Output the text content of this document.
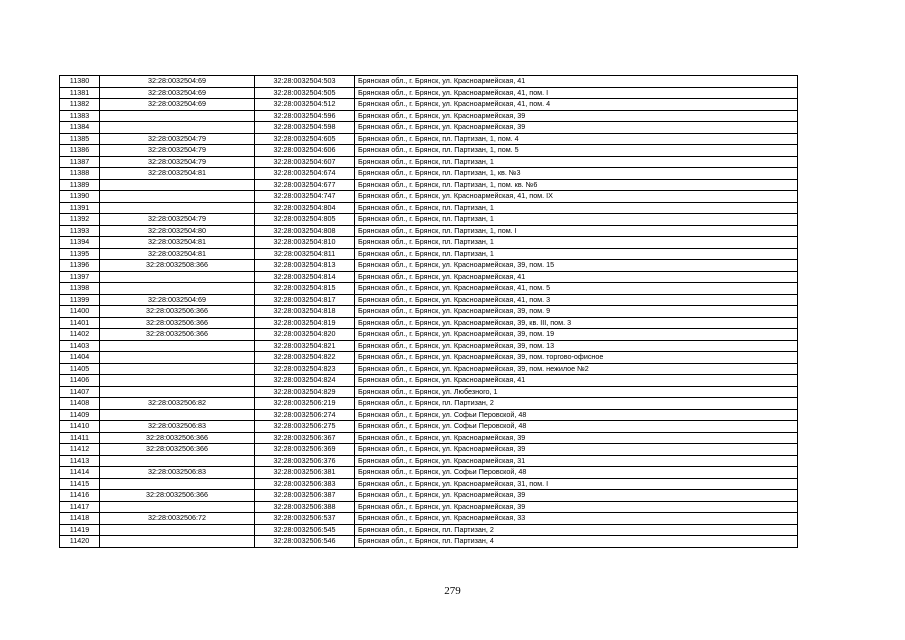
11380	32:28:0032504:69	32:28:0032504:503	Брянская обл., г. Брянск, ул. Красноармейская, 41
11381	32:28:0032504:69	32:28:0032504:505	Брянская обл., г. Брянск, ул. Красноармейская, 41, пом. I
11382	32:28:0032504:69	32:28:0032504:512	Брянская обл., г. Брянск, ул. Красноармейская, 41, пом. 4
11383		32:28:0032504:596	Брянская обл., г. Брянск, ул. Красноармейская, 39
11384		32:28:0032504:598	Брянская обл., г. Брянск, ул. Красноармейская, 39
11385	32:28:0032504:79	32:28:0032504:605	Брянская обл., г. Брянск, пл. Партизан, 1, пом. 4
11386	32:28:0032504:79	32:28:0032504:606	Брянская обл., г. Брянск, пл. Партизан, 1, пом. 5
11387	32:28:0032504:79	32:28:0032504:607	Брянская обл., г. Брянск, пл. Партизан, 1
11388	32:28:0032504:81	32:28:0032504:674	Брянская обл., г. Брянск, пл. Партизан, 1, кв. №3
11389		32:28:0032504:677	Брянская обл., г. Брянск, пл. Партизан, 1, пом. кв. №6
11390		32:28:0032504:747	Брянская обл., г. Брянск, ул. Красноармейская, 41, пом. IX
11391		32:28:0032504:804	Брянская обл., г. Брянск, пл. Партизан, 1
11392	32:28:0032504:79	32:28:0032504:805	Брянская обл., г. Брянск, пл. Партизан, 1
11393	32:28:0032504:80	32:28:0032504:808	Брянская обл., г. Брянск, пл. Партизан, 1, пом. I
11394	32:28:0032504:81	32:28:0032504:810	Брянская обл., г. Брянск, пл. Партизан, 1
11395	32:28:0032504:81	32:28:0032504:811	Брянская обл., г. Брянск, пл. Партизан, 1
11396	32:28:0032508:366	32:28:0032504:813	Брянская обл., г. Брянск, ул. Красноармейская, 39, пом. 15
11397		32:28:0032504:814	Брянская обл., г. Брянск, ул. Красноармейская, 41
11398		32:28:0032504:815	Брянская обл., г. Брянск, ул. Красноармейская, 41, пом. 5
11399	32:28:0032504:69	32:28:0032504:817	Брянская обл., г. Брянск, ул. Красноармейская, 41, пом. 3
11400	32:28:0032506:366	32:28:0032504:818	Брянская обл., г. Брянск, ул. Красноармейская, 39, пом. 9
11401	32:28:0032506:366	32:28:0032504:819	Брянская обл., г. Брянск, ул. Красноармейская, 39, кв. III, пом. 3
11402	32:28:0032506:366	32:28:0032504:820	Брянская обл., г. Брянск, ул. Красноармейская, 39, пом. 19
11403		32:28:0032504:821	Брянская обл., г. Брянск, ул. Красноармейская, 39, пом. 13
11404		32:28:0032504:822	Брянская обл., г. Брянск, ул. Красноармейская, 39, пом. торгово-офисное
11405		32:28:0032504:823	Брянская обл., г. Брянск, ул. Красноармейская, 39, пом. нежилое №2
11406		32:28:0032504:824	Брянская обл., г. Брянск, ул. Красноармейская, 41
11407		32:28:0032504:829	Брянская обл., г. Брянск, ул. Любезного, 1
11408	32:28:0032506:82	32:28:0032506:219	Брянская обл., г. Брянск, пл. Партизан, 2
11409		32:28:0032506:274	Брянская обл., г. Брянск, ул. Софьи Перовской, 48
11410	32:28:0032506:83	32:28:0032506:275	Брянская обл., г. Брянск, ул. Софьи Перовской, 48
11411	32:28:0032506:366	32:28:0032506:367	Брянская обл., г. Брянск, ул. Красноармейская, 39
11412	32:28:0032506:366	32:28:0032506:369	Брянская обл., г. Брянск, ул. Красноармейская, 39
11413		32:28:0032506:376	Брянская обл., г. Брянск, ул. Красноармейская, 31
11414	32:28:0032506:83	32:28:0032506:381	Брянская обл., г. Брянск, ул. Софьи Перовской, 48
11415		32:28:0032506:383	Брянская обл., г. Брянск, ул. Красноармейская, 31, пом. I
11416	32:28:0032506:366	32:28:0032506:387	Брянская обл., г. Брянск, ул. Красноармейская, 39
11417		32:28:0032506:388	Брянская обл., г. Брянск, ул. Красноармейская, 39
11418	32:28:0032506:72	32:28:0032506:537	Брянская обл., г. Брянск, ул. Красноармейская, 33
11419		32:28:0032506:545	Брянская обл., г. Брянск, пл. Партизан, 2
11420		32:28:0032506:546	Брянская обл., г. Брянск, пл. Партизан, 4
279
